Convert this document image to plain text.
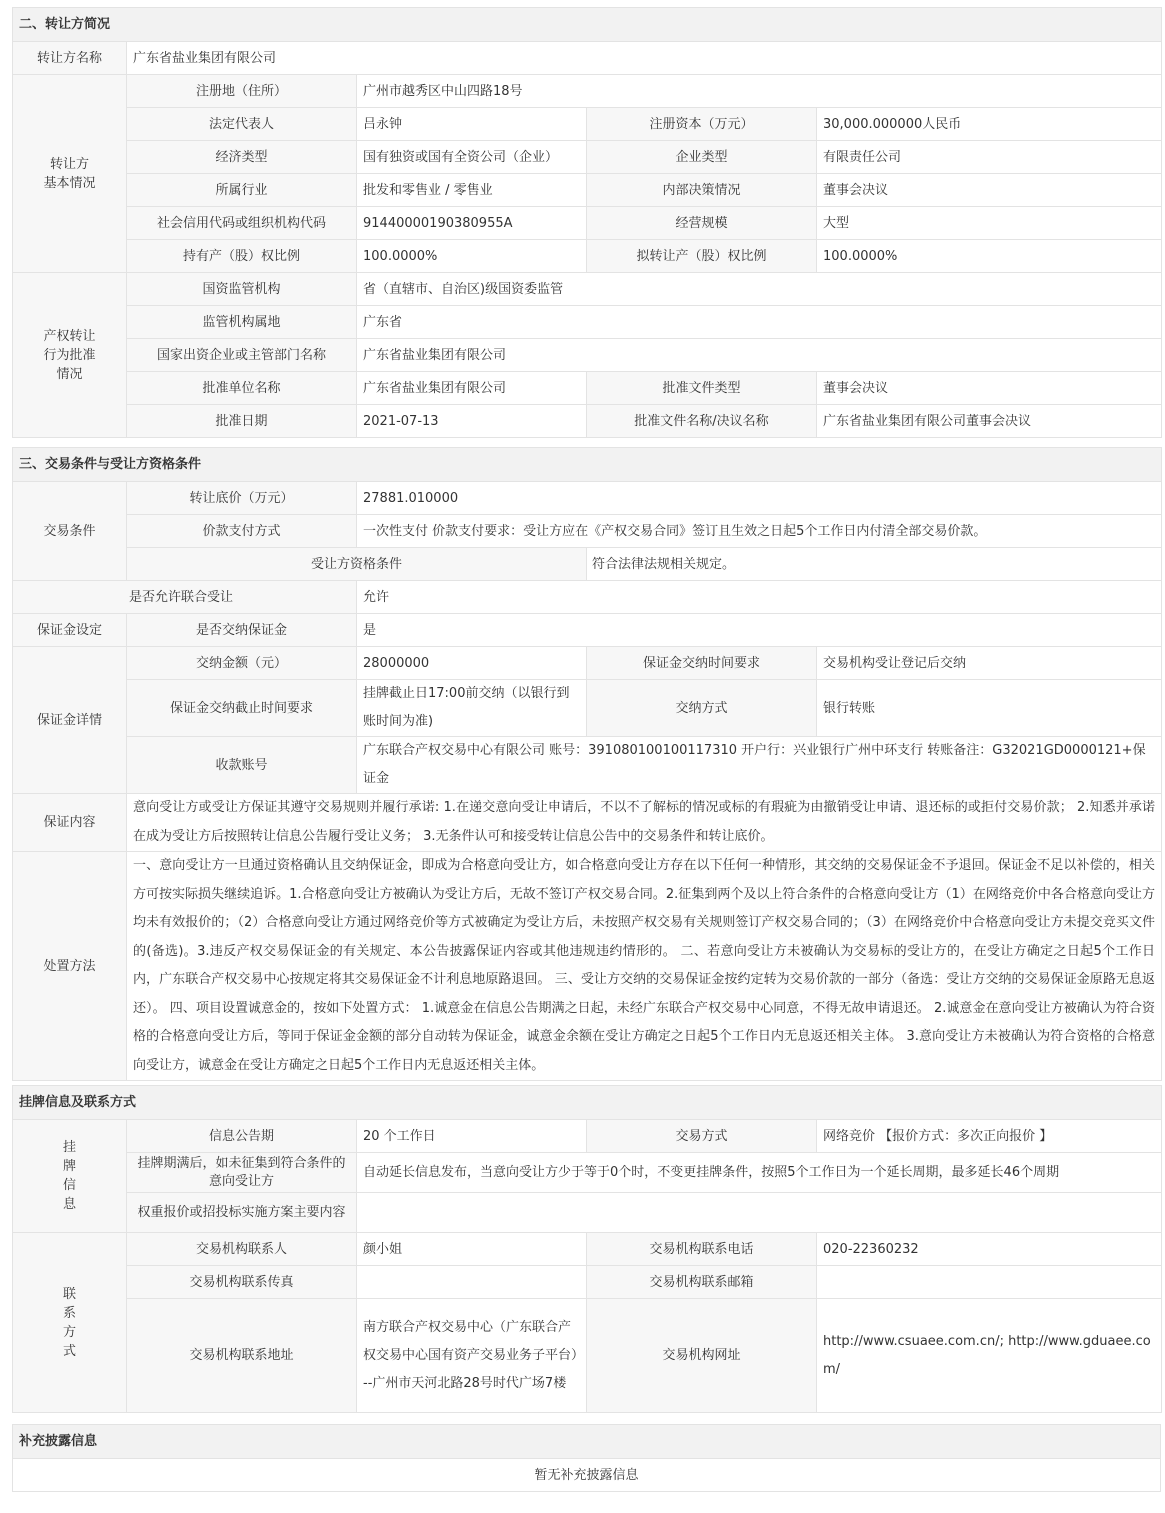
二、转让方简况				
转让方名称	广东省盐业集团有限公司			

转让方
基本情况	注册地（住所）	广州市越秀区中山四路18号		
	法定代表人	吕永钟	注册资本（万元）	30,000.000000人民币
	经济类型	国有独资或国有全资公司（企业）	企业类型	有限责任公司
	所属行业	批发和零售业 / 零售业	内部决策情况	董事会决议
	社会信用代码或组织机构代码	91440000190380955A	经营规模	大型
	持有产（股）权比例	100.0000%	拟转让产（股）权比例	100.0000%

产权转让
行为批准
情况	国资监管机构	省（直辖市、自治区)级国资委监管		
	监管机构属地	广东省		
	国家出资企业或主管部门名称	广东省盐业集团有限公司		
	批准单位名称	广东省盐业集团有限公司	批准文件类型	董事会决议
	批准日期	2021-07-13	批准文件名称/决议名称	广东省盐业集团有限公司董事会决议
三、交易条件与受让方资格条件				
交易条件	转让底价（万元）	27881.010000		
	价款支付方式	一次性支付 价款支付要求：受让方应在《产权交易合同》签订且生效之日起5个工作日内付清全部交易价款。		
	受让方资格条件		符合法律法规相关规定。	
是否允许联合受让		允许		
保证金设定	是否交纳保证金	是		
保证金详情	交纳金额（元）	28000000	保证金交纳时间要求	交易机构受让登记后交纳
	保证金交纳截止时间要求	挂牌截止日17:00前交纳（以银行到账时间为准)	交纳方式	银行转账
	收款账号	广东联合产权交易中心有限公司 账号：391080100100117310 开户行：兴业银行广州中环支行 转账备注：G32021GD0000121+保证金		
保证内容	意向受让方或受让方保证其遵守交易规则并履行承诺: 1.在递交意向受让申请后，不以不了解标的情况或标的有瑕疵为由撤销受让申请、退还标的或拒付交易价款； 2.知悉并承诺在成为受让方后按照转让信息公告履行受让义务； 3.无条件认可和接受转让信息公告中的交易条件和转让底价。			
处置方法	一、意向受让方一旦通过资格确认且交纳保证金，即成为合格意向受让方，如合格意向受让方存在以下任何一种情形，其交纳的交易保证金不予退回。保证金不足以补偿的，相关方可按实际损失继续追诉。1.合格意向受让方被确认为受让方后，无故不签订产权交易合同。2.征集到两个及以上符合条件的合格意向受让方（1）在网络竞价中各合格意向受让方均未有效报价的；（2）合格意向受让方通过网络竞价等方式被确定为受让方后，未按照产权交易有关规则签订产权交易合同的；（3）在网络竞价中合格意向受让方未提交竞买文件的(备选)。3.违反产权交易保证金的有关规定、本公告披露保证内容或其他违规违约情形的。 二、若意向受让方未被确认为交易标的受让方的，在受让方确定之日起5个工作日内，广东联合产权交易中心按规定将其交易保证金不计利息地原路退回。 三、受让方交纳的交易保证金按约定转为交易价款的一部分（备选：受让方交纳的交易保证金原路无息返还）。 四、项目设置诚意金的，按如下处置方式： 1.诚意金在信息公告期满之日起，未经广东联合产权交易中心同意，不得无故申请退还。 2.诚意金在意向受让方被确认为符合资格的合格意向受让方后，等同于保证金金额的部分自动转为保证金，诚意金余额在受让方确定之日起5个工作日内无息返还相关主体。 3.意向受让方未被确认为符合资格的合格意向受让方，诚意金在受让方确定之日起5个工作日内无息返还相关主体。			
挂牌信息及联系方式				

挂
牌
信
息	信息公告期	20 个工作日	交易方式	网络竞价 【报价方式：多次正向报价 】
	挂牌期满后，如未征集到符合条件的意向受让方	自动延长信息发布，当意向受让方少于等于0个时，不变更挂牌条件，按照5个工作日为一个延长周期，最多延长46个周期		
	权重报价或招投标实施方案主要内容			

联
系
方
式	交易机构联系人	颜小姐	交易机构联系电话	020-22360232
	交易机构联系传真		交易机构联系邮箱	
	交易机构联系地址	南方联合产权交易中心（广东联合产权交易中心国有资产交易业务子平台）--广州市天河北路28号时代广场7楼	交易机构网址	http://www.csuaee.com.cn/; http://www.gduaee.com/
补充披露信息
暂无补充披露信息
